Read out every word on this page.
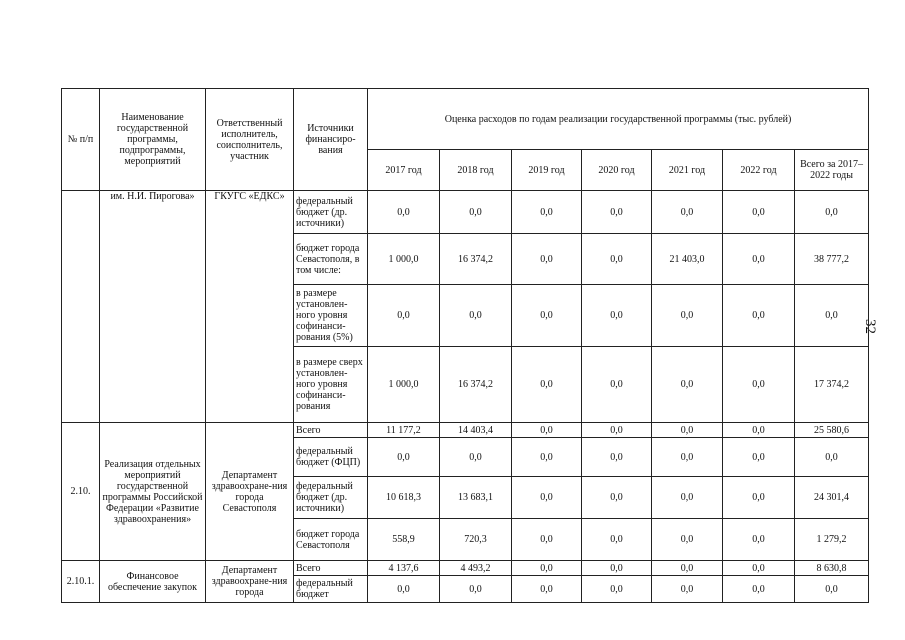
32
№ п/п	Наименование государственной программы, подпрограммы, мероприятий	Ответственный исполнитель, соисполнитель, участник	Источники финансиро-вания	Оценка расходов по годам реализации государственной программы (тыс. рублей)						
				2017 год	2018 год	2019 год	2020 год	2021 год	2022 год	Всего за 2017–2022 годы
	им. Н.И. Пирогова»	ГКУГС «ЕДКС»	федеральный бюджет (др. источники)	0,0	0,0	0,0	0,0	0,0	0,0	0,0
			бюджет города Севастополя, в том числе:	1 000,0	16 374,2	0,0	0,0	21 403,0	0,0	38 777,2
			в размере установлен-ного уровня софинанси-рования (5%)	0,0	0,0	0,0	0,0	0,0	0,0	0,0
			в размере сверх установлен-ного уровня софинанси-рования	1 000,0	16 374,2	0,0	0,0	0,0	0,0	17 374,2
2.10.	Реализация отдельных мероприятий государственной программы Российской Федерации «Развитие здравоохранения»	Департамент здравоохране-ния города Севастополя	Всего	11 177,2	14 403,4	0,0	0,0	0,0	0,0	25 580,6
			федеральный бюджет (ФЦП)	0,0	0,0	0,0	0,0	0,0	0,0	0,0
			федеральный бюджет (др. источники)	10 618,3	13 683,1	0,0	0,0	0,0	0,0	24 301,4
			бюджет города Севастополя	558,9	720,3	0,0	0,0	0,0	0,0	1 279,2
2.10.1.	Финансовое обеспечение закупок	Департамент здравоохране-ния города	Всего	4 137,6	4 493,2	0,0	0,0	0,0	0,0	8 630,8
			федеральный бюджет	0,0	0,0	0,0	0,0	0,0	0,0	0,0
